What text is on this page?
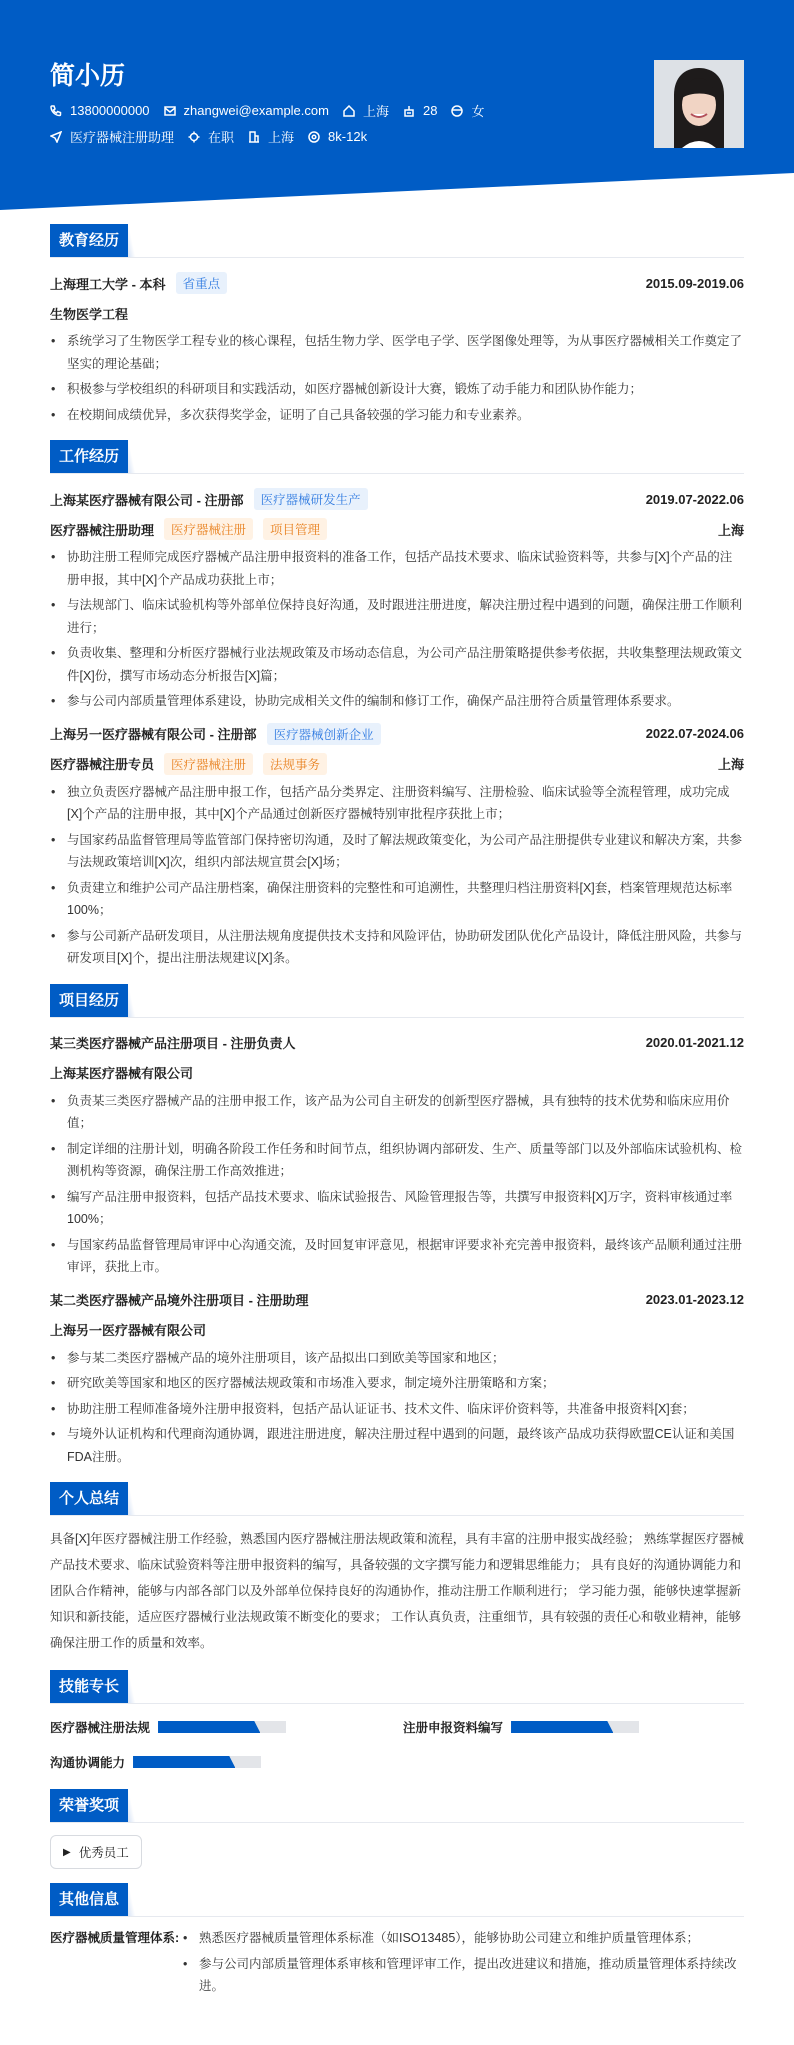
简小历
13800000000	zhangwei@example.com	上海	28	女
医疗器械注册助理	在职	上海	8k-12k
教育经历
上海理工大学 - 本科	省重点	2015.09-2019.06
生物医学工程
• 系统学习了生物医学工程专业的核心课程，包括生物力学、医学电子学、医学图像处理等，为从事医疗器械相关工作奠定了坚实的理论基础；
• 积极参与学校组织的科研项目和实践活动，如医疗器械创新设计大赛，锻炼了动手能力和团队协作能力；
• 在校期间成绩优异，多次获得奖学金，证明了自己具备较强的学习能力和专业素养。
工作经历
上海某医疗器械有限公司 - 注册部	医疗器械研发生产	2019.07-2022.06
医疗器械注册助理	医疗器械注册	项目管理	上海
• 协助注册工程师完成医疗器械产品注册申报资料的准备工作，包括产品技术要求、临床试验资料等，共参与[X]个产品的注册申报，其中[X]个产品成功获批上市；
• 与法规部门、临床试验机构等外部单位保持良好沟通，及时跟进注册进度，解决注册过程中遇到的问题，确保注册工作顺利进行；
• 负责收集、整理和分析医疗器械行业法规政策及市场动态信息，为公司产品注册策略提供参考依据，共收集整理法规政策文件[X]份，撰写市场动态分析报告[X]篇；
• 参与公司内部质量管理体系建设，协助完成相关文件的编制和修订工作，确保产品注册符合质量管理体系要求。
上海另一医疗器械有限公司 - 注册部	医疗器械创新企业	2022.07-2024.06
医疗器械注册专员	医疗器械注册	法规事务	上海
• 独立负责医疗器械产品注册申报工作，包括产品分类界定、注册资料编写、注册检验、临床试验等全流程管理，成功完成[X]个产品的注册申报，其中[X]个产品通过创新医疗器械特别审批程序获批上市；
• 与国家药品监督管理局等监管部门保持密切沟通，及时了解法规政策变化，为公司产品注册提供专业建议和解决方案，共参与法规政策培训[X]次，组织内部法规宣贯会[X]场；
• 负责建立和维护公司产品注册档案，确保注册资料的完整性和可追溯性，共整理归档注册资料[X]套，档案管理规范达标率100%；
• 参与公司新产品研发项目，从注册法规角度提供技术支持和风险评估，协助研发团队优化产品设计，降低注册风险，共参与研发项目[X]个，提出注册法规建议[X]条。
项目经历
某三类医疗器械产品注册项目 - 注册负责人	2020.01-2021.12
上海某医疗器械有限公司
• 负责某三类医疗器械产品的注册申报工作，该产品为公司自主研发的创新型医疗器械，具有独特的技术优势和临床应用价值；
• 制定详细的注册计划，明确各阶段工作任务和时间节点，组织协调内部研发、生产、质量等部门以及外部临床试验机构、检测机构等资源，确保注册工作高效推进；
• 编写产品注册申报资料，包括产品技术要求、临床试验报告、风险管理报告等，共撰写申报资料[X]万字，资料审核通过率100%；
• 与国家药品监督管理局审评中心沟通交流，及时回复审评意见，根据审评要求补充完善申报资料，最终该产品顺利通过注册审评，获批上市。
某二类医疗器械产品境外注册项目 - 注册助理	2023.01-2023.12
上海另一医疗器械有限公司
• 参与某二类医疗器械产品的境外注册项目，该产品拟出口到欧美等国家和地区；
• 研究欧美等国家和地区的医疗器械法规政策和市场准入要求，制定境外注册策略和方案；
• 协助注册工程师准备境外注册申报资料，包括产品认证证书、技术文件、临床评价资料等，共准备申报资料[X]套；
• 与境外认证机构和代理商沟通协调，跟进注册进度，解决注册过程中遇到的问题，最终该产品成功获得欧盟CE认证和美国FDA注册。
个人总结
具备[X]年医疗器械注册工作经验，熟悉国内医疗器械注册法规政策和流程，具有丰富的注册申报实战经验； 熟练掌握医疗器械产品技术要求、临床试验资料等注册申报资料的编写，具备较强的文字撰写能力和逻辑思维能力； 具有良好的沟通协调能力和团队合作精神，能够与内部各部门以及外部单位保持良好的沟通协作，推动注册工作顺利进行； 学习能力强，能够快速掌握新知识和新技能，适应医疗器械行业法规政策不断变化的要求； 工作认真负责，注重细节，具有较强的责任心和敬业精神，能够确保注册工作的质量和效率。
技能专长
医疗器械注册法规	注册申报资料编写
沟通协调能力
荣誉奖项
▶ 优秀员工
其他信息
医疗器械质量管理体系:	• 熟悉医疗器械质量管理体系标准（如ISO13485），能够协助公司建立和维护质量管理体系；
• 参与公司内部质量管理体系审核和管理评审工作，提出改进建议和措施，推动质量管理体系持续改进。
